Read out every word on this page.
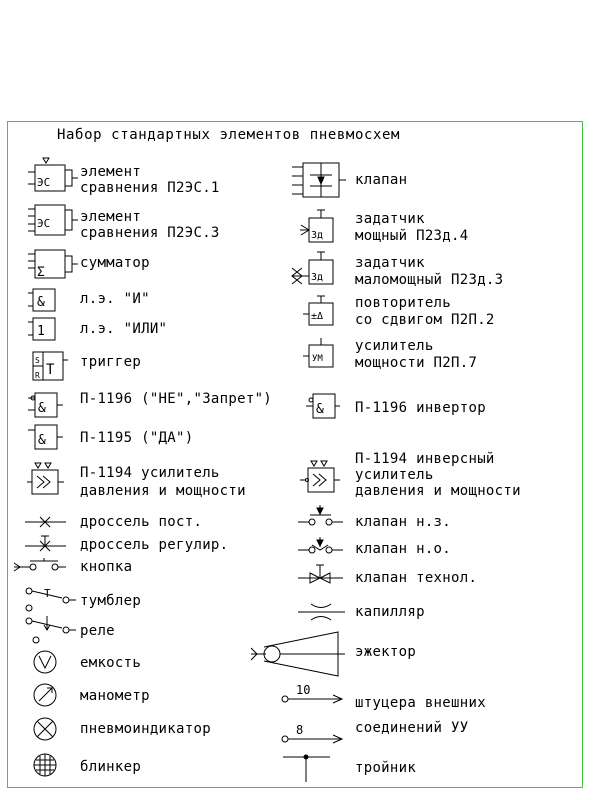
ЭС
ЭС
Σ
&
1
S
R T
&
&
T
Зд
Зд
±Δ
УМ
&
10
8
Набор стандартных элементов пневмосхем
элемент
сравнения П2ЭС.1
элемент
сравнения П2ЭС.3
сумматор
л.э. "И"
л.э. "ИЛИ"
триггер
П-1196 ("НЕ","Запрет")
П-1195 ("ДА")
П-1194 усилитель
давления и мощности
дроссель пост.
дроссель регулир.
кнопка
тумблер
реле
емкость
манометр
пневмоиндикатор
блинкер
клапан
задатчик
мощный П2Зд.4
задатчик
маломощный П2Зд.3
повторитель
со сдвигом П2П.2
усилитель
мощности П2П.7
П-1196 инвертор
П-1194 инверсный
усилитель
давления и мощности
клапан н.з.
клапан н.о.
клапан технол.
капилляр
эжектор
штуцера внешних
соединений УУ
тройник
